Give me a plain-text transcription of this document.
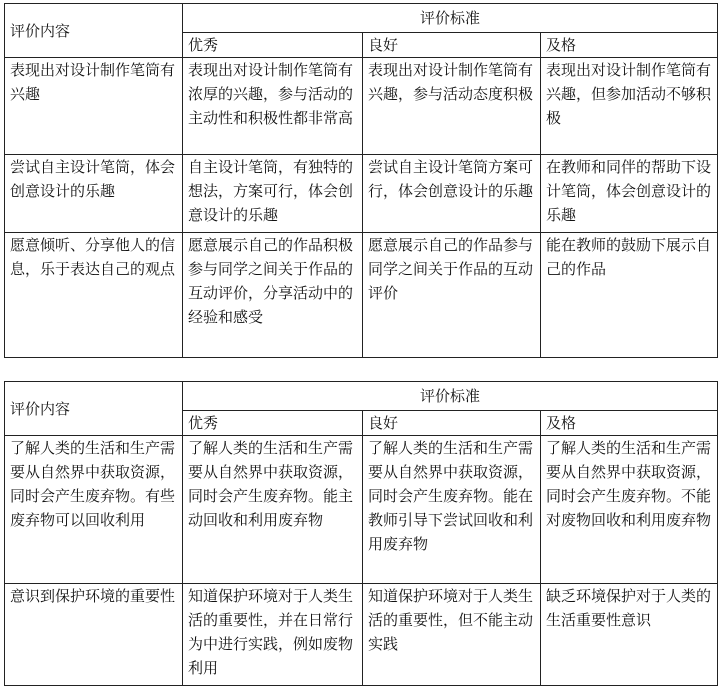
评价内容	评价标准		
	优秀	良好	及格
表现出对设计制作笔筒有兴趣	表现出对设计制作笔筒有浓厚的兴趣，参与活动的主动性和积极性都非常高	表现出对设计制作笔筒有兴趣，参与活动态度积极	表现出对设计制作笔筒有兴趣，但参加活动不够积极
尝试自主设计笔筒，体会创意设计的乐趣	自主设计笔筒，有独特的想法，方案可行，体会创意设计的乐趣	尝试自主设计笔筒方案可行，体会创意设计的乐趣	在教师和同伴的帮助下设计笔筒，体会创意设计的乐趣
愿意倾听、分享他人的信息，乐于表达自己的观点	愿意展示自己的作品积极参与同学之间关于作品的互动评价，分享活动中的经验和感受	愿意展示自己的作品参与同学之间关于作品的互动评价	能在教师的鼓励下展示自己的作品
评价内容	评价标准		
	优秀	良好	及格
了解人类的生活和生产需要从自然界中获取资源，同时会产生废弃物。有些废弃物可以回收利用	了解人类的生活和生产需要从自然界中获取资源，同时会产生废弃物。能主动回收和利用废弃物	了解人类的生活和生产需要从自然界中获取资源，同时会产生废弃物。能在教师引导下尝试回收和利用废弃物	了解人类的生活和生产需要从自然界中获取资源，同时会产生废弃物。不能对废物回收和利用废弃物
意识到保护环境的重要性	知道保护环境对于人类生活的重要性，并在日常行为中进行实践，例如废物利用	知道保护环境对于人类生活的重要性，但不能主动实践	缺乏环境保护对于人类的生活重要性意识
